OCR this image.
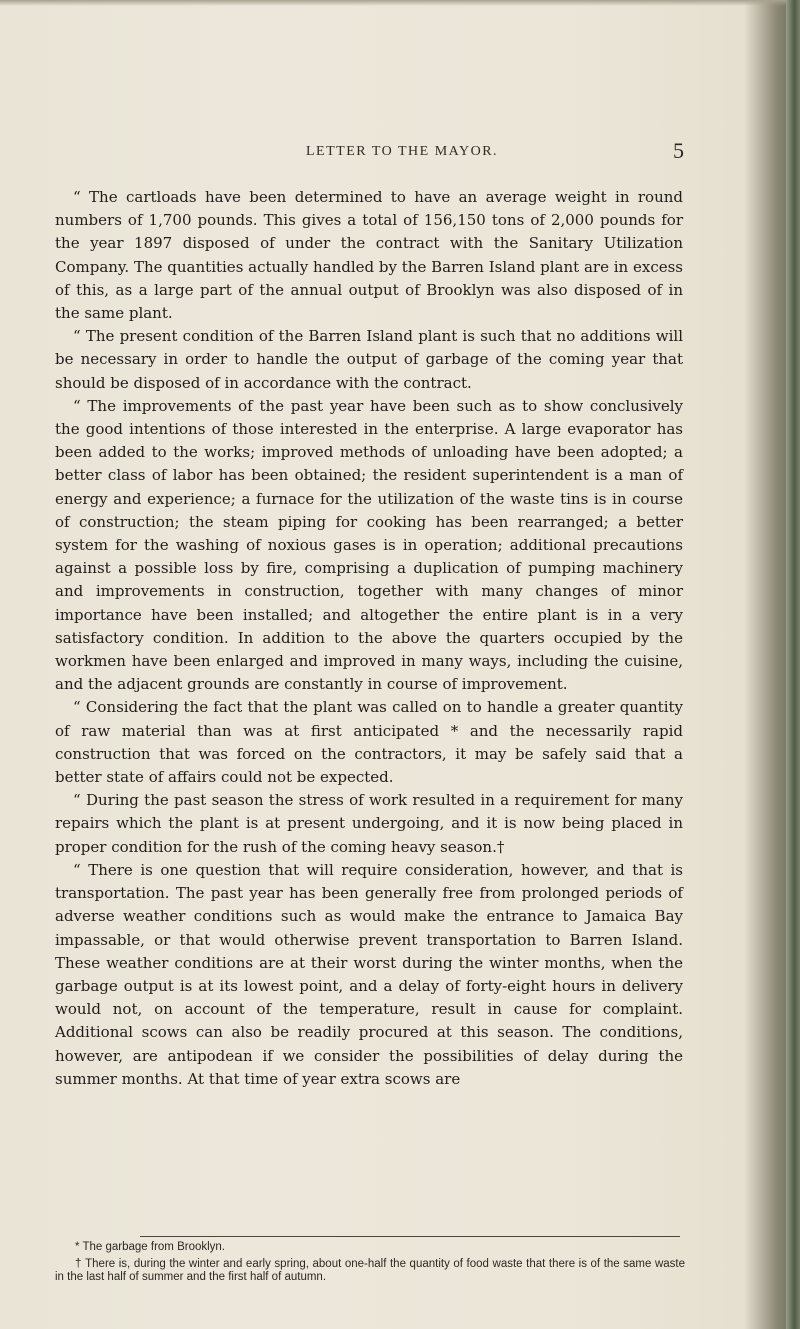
LETTER TO THE MAYOR.	5

“ The cartloads have been determined to have an average weight in round numbers of 1,700 pounds. This gives a total of 156,150 tons of 2,000 pounds for the year 1897 disposed of under the contract with the Sanitary Utilization Company. The quantities actually handled by the Barren Island plant are in excess of this, as a large part of the annual output of Brooklyn was also disposed of in the same plant.

“ The present condition of the Barren Island plant is such that no additions will be necessary in order to handle the output of garbage of the coming year that should be disposed of in accordance with the contract.

“ The improvements of the past year have been such as to show conclusively the good intentions of those interested in the enterprise. A large evaporator has been added to the works; improved methods of unloading have been adopted; a better class of labor has been obtained; the resident superintendent is a man of energy and experience; a furnace for the utilization of the waste tins is in course of construction; the steam piping for cooking has been rearranged; a better system for the washing of noxious gases is in operation; additional precautions against a possible loss by fire, comprising a duplication of pumping machinery and improvements in construction, together with many changes of minor importance have been installed; and altogether the entire plant is in a very satisfactory condition. In addition to the above the quarters occupied by the workmen have been enlarged and improved in many ways, including the cuisine, and the adjacent grounds are constantly in course of improvement.

“ Considering the fact that the plant was called on to handle a greater quantity of raw material than was at first anticipated * and the necessarily rapid construction that was forced on the contractors, it may be safely said that a better state of affairs could not be expected.

“ During the past season the stress of work resulted in a requirement for many repairs which the plant is at present undergoing, and it is now being placed in proper condition for the rush of the coming heavy season.†

“ There is one question that will require consideration, however, and that is transportation. The past year has been generally free from prolonged periods of adverse weather conditions such as would make the entrance to Jamaica Bay impassable, or that would otherwise prevent transportation to Barren Island. These weather conditions are at their worst during the winter months, when the garbage output is at its lowest point, and a delay of forty-eight hours in delivery would not, on account of the temperature, result in cause for complaint. Additional scows can also be readily procured at this season. The conditions, however, are antipodean if we consider the possibilities of delay during the summer months. At that time of year extra scows are

* The garbage from Brooklyn.

† There is, during the winter and early spring, about one-half the quantity of food waste that there is of the same waste in the last half of summer and the first half of autumn.
